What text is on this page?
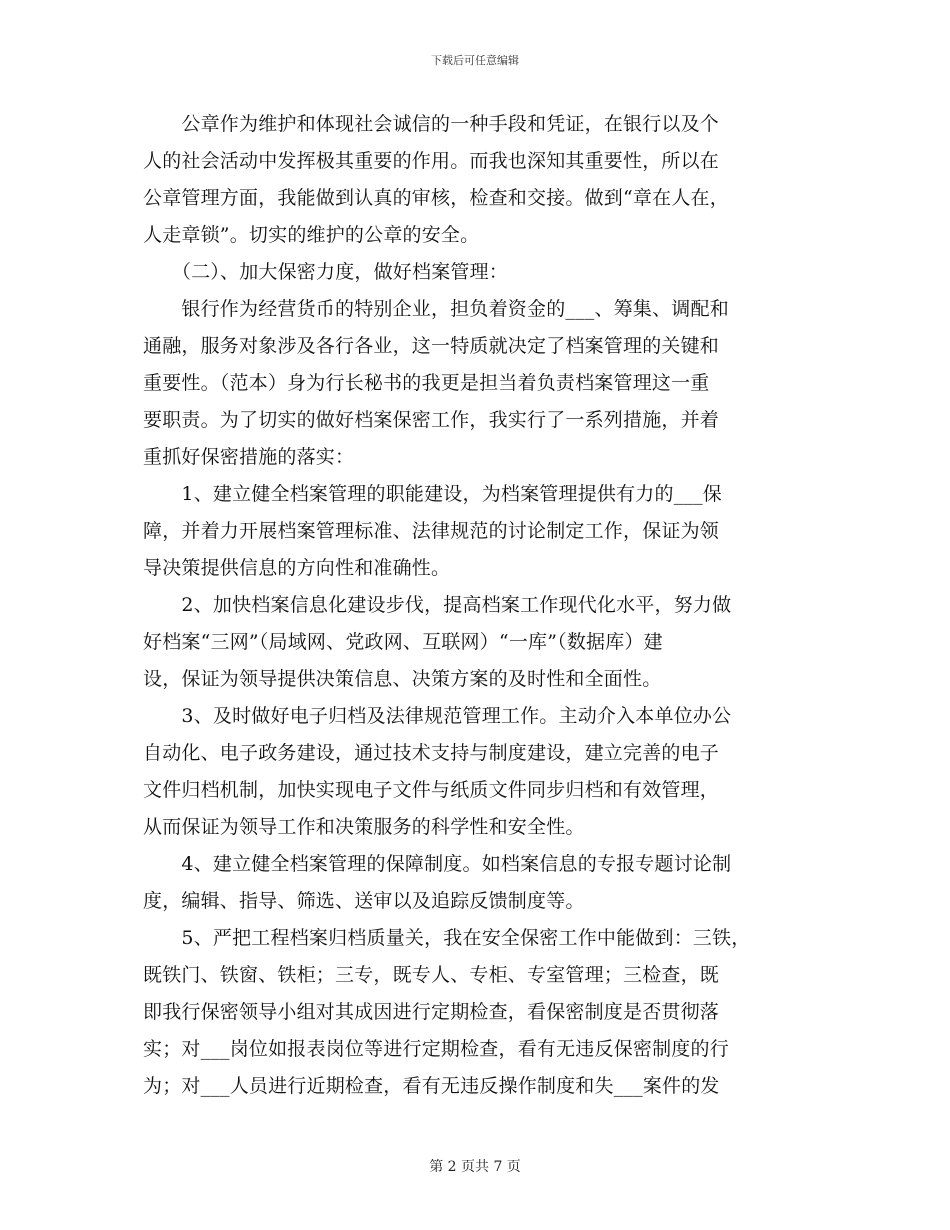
下载后可任意编辑
　　公章作为维护和体现社会诚信的一种手段和凭证，在银行以及个
人的社会活动中发挥极其重要的作用。而我也深知其重要性，所以在
公章管理方面，我能做到认真的审核，检查和交接。做到“章在人在，
人走章锁”。切实的维护的公章的安全。
　　（二）、加大保密力度，做好档案管理：
　　银行作为经营货币的特别企业，担负着资金的___、筹集、调配和
通融，服务对象涉及各行各业，这一特质就决定了档案管理的关键和
重要性。（范本）身为行长秘书的我更是担当着负责档案管理这一重
要职责。为了切实的做好档案保密工作，我实行了一系列措施，并着
重抓好保密措施的落实：
　　1、建立健全档案管理的职能建设，为档案管理提供有力的___保
障，并着力开展档案管理标准、法律规范的讨论制定工作，保证为领
导决策提供信息的方向性和准确性。
　　2、加快档案信息化建设步伐，提高档案工作现代化水平，努力做
好档案“三网”（局域网、党政网、互联网）“一库”（数据库）建
设，保证为领导提供决策信息、决策方案的及时性和全面性。
　　3、及时做好电子归档及法律规范管理工作。主动介入本单位办公
自动化、电子政务建设，通过技术支持与制度建设，建立完善的电子
文件归档机制，加快实现电子文件与纸质文件同步归档和有效管理，
从而保证为领导工作和决策服务的科学性和安全性。
　　4、建立健全档案管理的保障制度。如档案信息的专报专题讨论制
度，编辑、指导、筛选、送审以及追踪反馈制度等。
　　5、严把工程档案归档质量关，我在安全保密工作中能做到：三铁，
既铁门、铁窗、铁柜；三专，既专人、专柜、专室管理；三检查，既
即我行保密领导小组对其成因进行定期检查，看保密制度是否贯彻落
实；对___岗位如报表岗位等进行定期检查，看有无违反保密制度的行
为；对___人员进行近期检查，看有无违反操作制度和失___案件的发
第 2 页共 7 页
